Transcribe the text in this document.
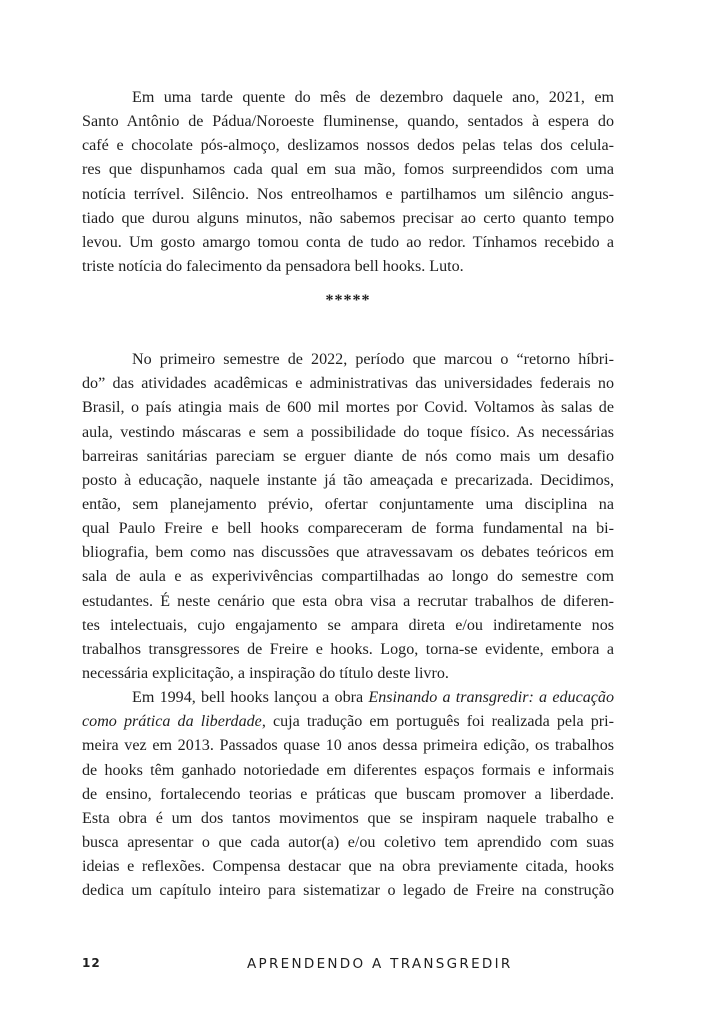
Em uma tarde quente do mês de dezembro daquele ano, 2021, em
Santo Antônio de Pádua/Noroeste fluminense, quando, sentados à espera do
café e chocolate pós-almoço, deslizamos nossos dedos pelas telas dos celula-
res que dispunhamos cada qual em sua mão, fomos surpreendidos com uma
notícia terrível. Silêncio. Nos entreolhamos e partilhamos um silêncio angus-
tiado que durou alguns minutos, não sabemos precisar ao certo quanto tempo
levou. Um gosto amargo tomou conta de tudo ao redor. Tínhamos recebido a
triste notícia do falecimento da pensadora bell hooks. Luto.
*****
No primeiro semestre de 2022, período que marcou o “retorno híbri-
do” das atividades acadêmicas e administrativas das universidades federais no
Brasil, o país atingia mais de 600 mil mortes por Covid. Voltamos às salas de
aula, vestindo máscaras e sem a possibilidade do toque físico. As necessárias
barreiras sanitárias pareciam se erguer diante de nós como mais um desafio
posto à educação, naquele instante já tão ameaçada e precarizada. Decidimos,
então, sem planejamento prévio, ofertar conjuntamente uma disciplina na
qual Paulo Freire e bell hooks compareceram de forma fundamental na bi-
bliografia, bem como nas discussões que atravessavam os debates teóricos em
sala de aula e as experivivências compartilhadas ao longo do semestre com
estudantes. É neste cenário que esta obra visa a recrutar trabalhos de diferen-
tes intelectuais, cujo engajamento se ampara direta e/ou indiretamente nos
trabalhos transgressores de Freire e hooks. Logo, torna-se evidente, embora a
necessária explicitação, a inspiração do título deste livro.
Em 1994, bell hooks lançou a obra Ensinando a transgredir: a educação
como prática da liberdade, cuja tradução em português foi realizada pela pri-
meira vez em 2013. Passados quase 10 anos dessa primeira edição, os trabalhos
de hooks têm ganhado notoriedade em diferentes espaços formais e informais
de ensino, fortalecendo teorias e práticas que buscam promover a liberdade.
Esta obra é um dos tantos movimentos que se inspiram naquele trabalho e
busca apresentar o que cada autor(a) e/ou coletivo tem aprendido com suas
ideias e reflexões. Compensa destacar que na obra previamente citada, hooks
dedica um capítulo inteiro para sistematizar o legado de Freire na construção
12	APRENDENDO A TRANSGREDIR
